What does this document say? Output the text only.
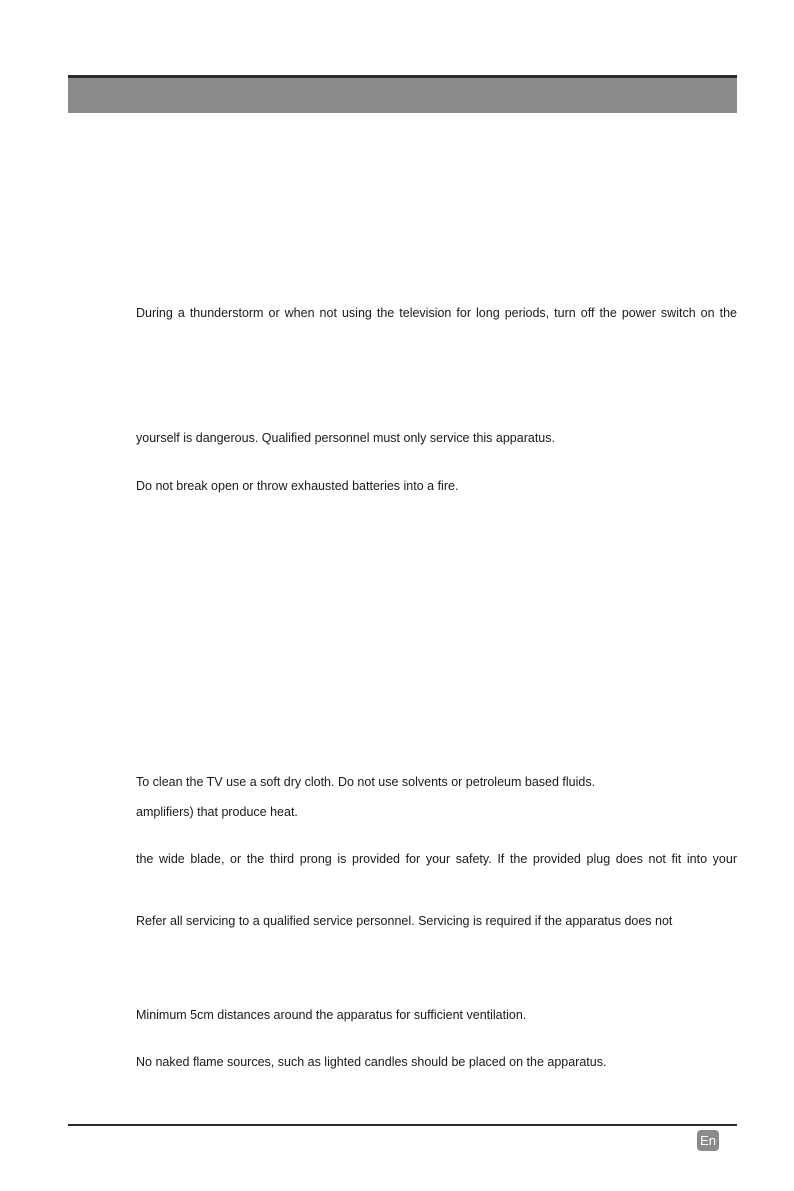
During a thunderstorm or when not using the television for long periods, turn off the power switch on the
yourself is dangerous. Qualified personnel must only service this apparatus.
Do not break open or throw exhausted batteries into a fire.
To clean the TV use a soft dry cloth. Do not use solvents or petroleum based fluids.
amplifiers) that produce heat.
the wide blade, or the third prong is provided for your safety. If the provided plug does not fit into your
Refer all servicing to a qualified service personnel. Servicing is required if the apparatus does not
Minimum 5cm distances around the apparatus for sufficient ventilation.
No naked flame sources, such as lighted candles should be placed on the apparatus.
En
